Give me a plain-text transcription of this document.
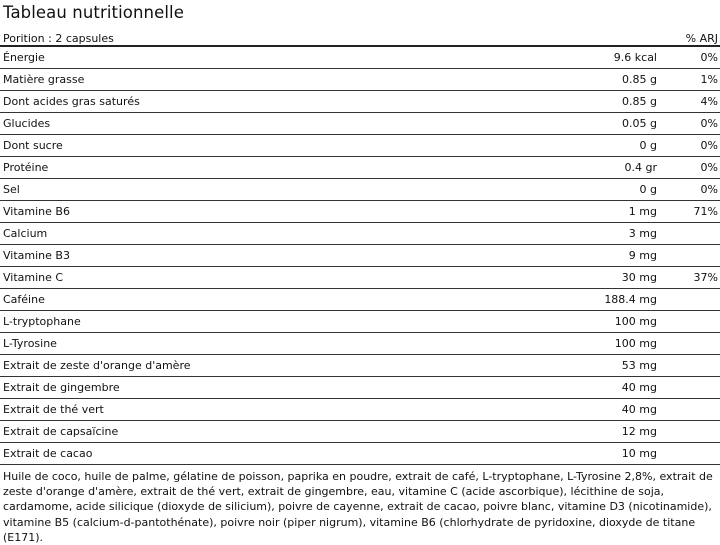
Tableau nutritionnelle
Porition : 2 capsules	% ARJ
Énergie	9.6 kcal	0%
Matière grasse	0.85 g	1%
Dont acides gras saturés	0.85 g	4%
Glucides	0.05 g	0%
Dont sucre	0 g	0%
Protéine	0.4 gr	0%
Sel	0 g	0%
Vitamine B6	1 mg	71%
Calcium	3 mg
Vitamine B3	9 mg
Vitamine C	30 mg	37%
Caféine	188.4 mg
L-tryptophane	100 mg
L-Tyrosine	100 mg
Extrait de zeste d'orange d'amère	53 mg
Extrait de gingembre	40 mg
Extrait de thé vert	40 mg
Extrait de capsaïcine	12 mg
Extrait de cacao	10 mg
Huile de coco, huile de palme, gélatine de poisson, paprika en poudre, extrait de café, L-tryptophane, L-Tyrosine 2,8%, extrait de zeste d'orange d'amère, extrait de thé vert, extrait de gingembre, eau, vitamine C (acide ascorbique), lécithine de soja, cardamome, acide silicique (dioxyde de silicium), poivre de cayenne, extrait de cacao, poivre blanc, vitamine D3 (nicotinamide), vitamine B5 (calcium-d-pantothénate), poivre noir (piper nigrum), vitamine B6 (chlorhydrate de pyridoxine, dioxyde de titane (E171).
